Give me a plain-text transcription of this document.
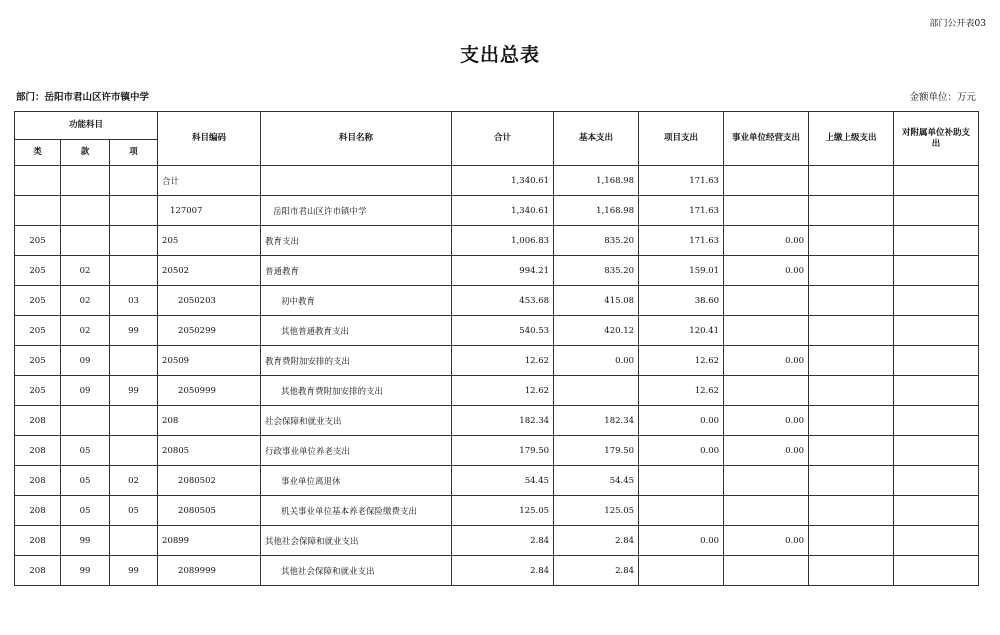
部门公开表03
支出总表
部门：岳阳市君山区许市镇中学	金额单位：万元
功能科目			科目编码	科目名称	合计	基本支出	项目支出	事业单位经营支出	上缴上级支出	对附属单位补助支出
类	款	项								
			合计		1,340.61	1,168.98	171.63			
			127007	岳阳市君山区许市镇中学	1,340.61	1,168.98	171.63			
205			205	教育支出	1,006.83	835.20	171.63	0.00		
205	02		20502	普通教育	994.21	835.20	159.01	0.00		
205	02	03	2050203	初中教育	453.68	415.08	38.60			
205	02	99	2050299	其他普通教育支出	540.53	420.12	120.41			
205	09		20509	教育费附加安排的支出	12.62	0.00	12.62	0.00		
205	09	99	2050999	其他教育费附加安排的支出	12.62		12.62			
208			208	社会保障和就业支出	182.34	182.34	0.00	0.00		
208	05		20805	行政事业单位养老支出	179.50	179.50	0.00	0.00		
208	05	02	2080502	事业单位离退休	54.45	54.45				
208	05	05	2080505	机关事业单位基本养老保险缴费支出	125.05	125.05				
208	99		20899	其他社会保障和就业支出	2.84	2.84	0.00	0.00		
208	99	99	2089999	其他社会保障和就业支出	2.84	2.84				
